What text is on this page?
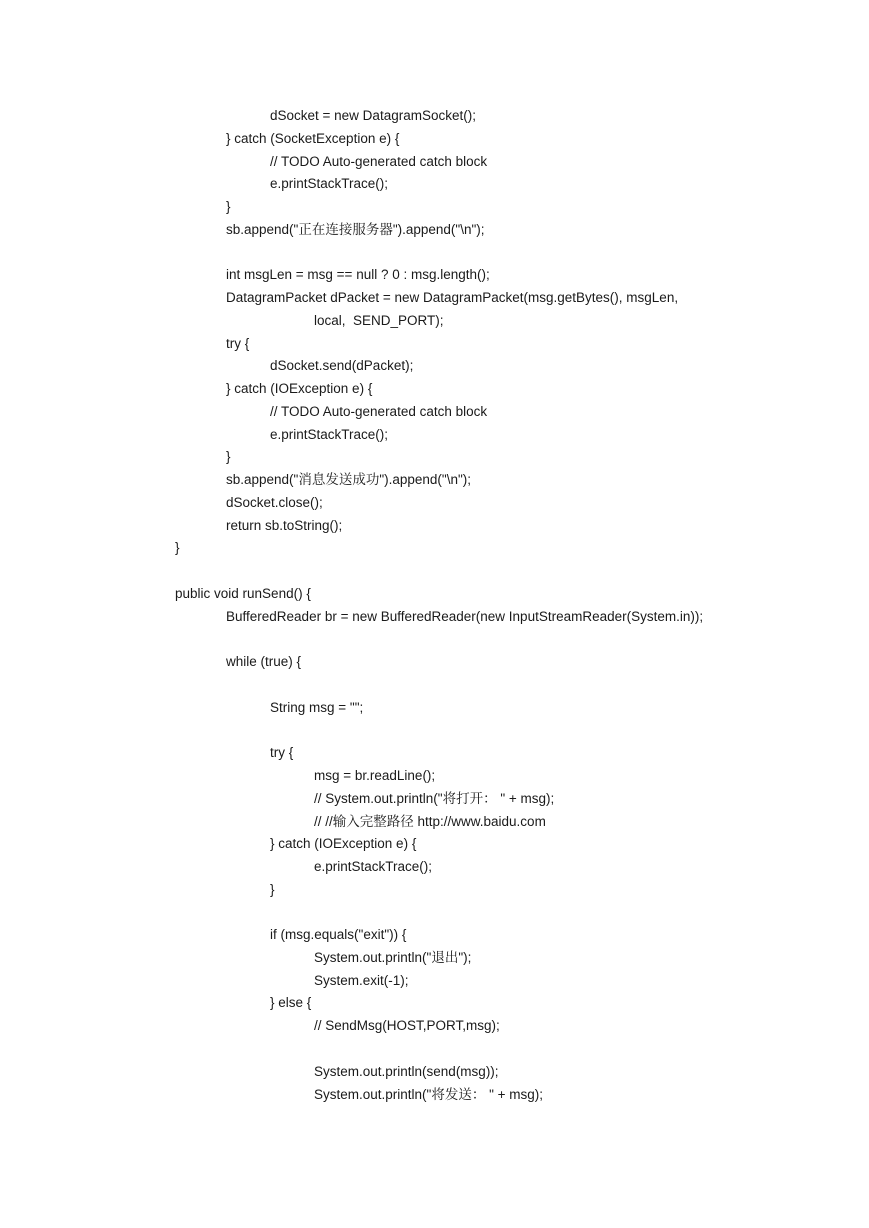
dSocket = new DatagramSocket();
} catch (SocketException e) {
// TODO Auto-generated catch block
e.printStackTrace();
}
sb.append("正在连接服务器").append("\n");
int msgLen = msg == null ? 0 : msg.length();
DatagramPacket dPacket = new DatagramPacket(msg.getBytes(), msgLen,
local,  SEND_PORT);
try {
dSocket.send(dPacket);
} catch (IOException e) {
// TODO Auto-generated catch block
e.printStackTrace();
}
sb.append("消息发送成功").append("\n");
dSocket.close();
return sb.toString();
}
public void runSend() {
BufferedReader br = new BufferedReader(new InputStreamReader(System.in));
while (true) {
String msg = "";
try {
msg = br.readLine();
// System.out.println("将打开： " + msg);
// //输入完整路径 http://www.baidu.com
} catch (IOException e) {
e.printStackTrace();
}
if (msg.equals("exit")) {
System.out.println("退出");
System.exit(-1);
} else {
// SendMsg(HOST,PORT,msg);
System.out.println(send(msg));
System.out.println("将发送： " + msg);
